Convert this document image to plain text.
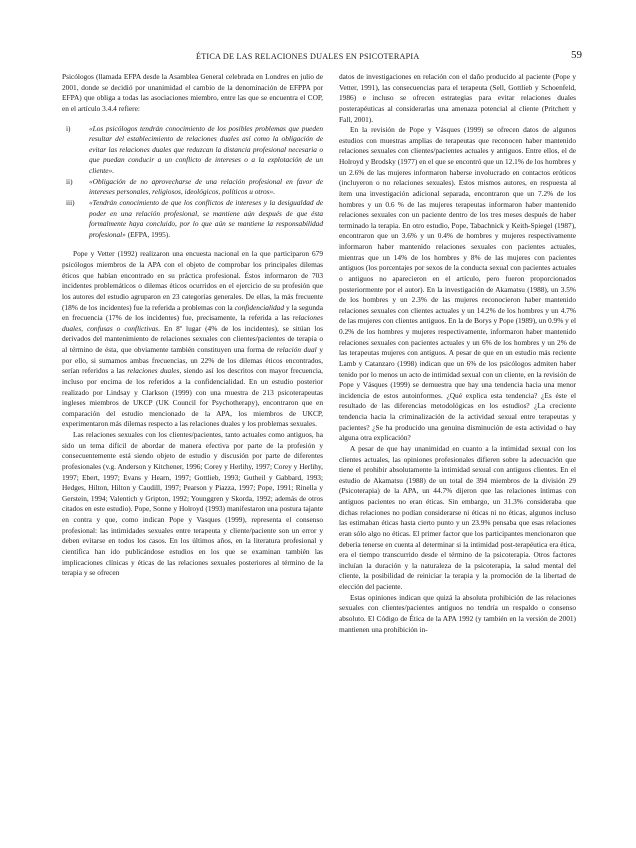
ÉTICA DE LAS RELACIONES DUALES EN PSICOTERAPIA	59

Psicólogos (llamada EFPA desde la Asamblea General celebrada en Londres en julio de 2001, donde se decidió por unanimidad el cambio de la denominación de EFPPA por EFPA) que obliga a todas las asociaciones miembro, entre las que se encuentra el COP, en el artículo 3.4.4 refiere:

i)	«Los psicólogos tendrán conocimiento de los posibles problemas que pueden resultar del establecimiento de relaciones duales así como la obligación de evitar las relaciones duales que reduzcan la distancia profesional necesaria o que puedan conducir a un conflicto de intereses o a la explotación de un cliente».
ii) «Obligación de no aprovecharse de una relación profesional en favor de intereses personales, religiosos, ideológicos, políticos u otros».
iii) «Tendrán conocimiento de que los conflictos de intereses y la desigualdad de poder en una relación profesional, se mantiene aún después de que ésta formalmente haya concluido, por lo que aún se mantiene la responsabilidad profesional» (EFPA, 1995).

Pope y Vetter (1992) realizaron una encuesta nacional en la que participaron 679 psicólogos miembros de la APA con el objeto de comprobar los principales dilemas éticos que habían encontrado en su práctica profesional. Éstos informaron de 703 incidentes problemáticos o dilemas éticos ocurridos en el ejercicio de su profesión que los autores del estudio agruparon en 23 categorías generales. De ellas, la más frecuente (18% de los incidentes) fue la referida a problemas con la confidencialidad y la segunda en frecuencia (17% de los incidentes) fue, precisamente, la referida a las relaciones duales, confusas o conflictivas. En 8º lugar (4% de los incidentes), se sitúan los derivados del mantenimiento de relaciones sexuales con clientes/pacientes de terapia o al término de ésta, que obviamente también constituyen una forma de relación dual y por ello, si sumamos ambas frecuencias, un 22% de los dilemas éticos encontrados, serían referidos a las relaciones duales, siendo así los descritos con mayor frecuencia, incluso por encima de los referidos a la confidencialidad. En un estudio posterior realizado por Lindsay y Clarkson (1999) con una muestra de 213 psicoterapeutas ingleses miembros de UKCP (UK Council for Psychotherapy), encontraron que en comparación del estudio mencionado de la APA, los miembros de UKCP, experimentaron más dilemas respecto a las relaciones duales y los problemas sexuales.

Las relaciones sexuales con los clientes/pacientes, tanto actuales como antiguos, ha sido un tema difícil de abordar de manera efectiva por parte de la profesión y consecuentemente está siendo objeto de estudio y discusión por parte de diferentes profesionales (v.g. Anderson y Kitchener, 1996; Corey y Herlihy, 1997; Corey y Herlihy, 1997; Ebert, 1997; Evans y Hearn, 1997; Gottlieb, 1993; Gutheil y Gabbard, 1993; Hedges, Hilton, Hilton y Caudill, 1997; Pearson y Piazza, 1997; Pope, 1991; Rinella y Gerstein, 1994; Valentich y Gripton, 1992; Younggren y Skorda, 1992; además de otros citados en este estudio). Pope, Sonne y Holroyd (1993) manifestaron una postura tajante en contra y que, como indican Pope y Vasques (1999), representa el consenso profesional: las intimidades sexuales entre terapeuta y cliente/paciente son un error y deben evitarse en todos los casos. En los últimos años, en la literatura profesional y científica han ido publicándose estudios en los que se examinan también las implicaciones clínicas y éticas de las relaciones sexuales posteriores al término de la terapia y se ofrecen

datos de investigaciones en relación con el daño producido al paciente (Pope y Vetter, 1991), las consecuencias para el terapeuta (Sell, Gottlieb y Schoenfeld, 1986) e incluso se ofrecen estrategias para evitar relaciones duales posterapéuticas al considerarlas una amenaza potencial al cliente (Pritchett y Fall, 2001).

En la revisión de Pope y Vásques (1999) se ofrecen datos de algunos estudios con muestras amplias de terapeutas que reconocen haber mantenido relaciones sexuales con clientes/pacientes actuales y antiguos. Entre ellos, el de Holroyd y Brodsky (1977) en el que se encontró que un 12.1% de los hombres y un 2.6% de las mujeres informaron haberse involucrado en contactos eróticos (incluyeron o no relaciones sexuales). Estos mismos autores, en respuesta al ítem una investigación adicional separada, encontraron que un 7.2% de los hombres y un 0.6 % de las mujeres terapeutas informaron haber mantenido relaciones sexuales con un paciente dentro de los tres meses después de haber terminado la terapia. En otro estudio, Pope, Tabachnick y Keith-Spiegel (1987), encontraron que un 3.6% y un 0.4% de hombres y mujeres respectivamente informaron haber mantenido relaciones sexuales con pacientes actuales, mientras que un 14% de los hombres y 8% de las mujeres con pacientes antiguos (los porcentajes por sexos de la conducta sexual con pacientes actuales o antiguos no aparecieron en el artículo, pero fueron proporcionados posteriormente por el autor). En la investigación de Akamatsu (1988), un 3.5% de los hombres y un 2.3% de las mujeres reconocieron haber mantenido relaciones sexuales con clientes actuales y un 14.2% de los hombres y un 4.7% de las mujeres con clientes antiguos. En la de Borys y Pope (1989), un 0.9% y el 0.2% de los hombres y mujeres respectivamente, informaron haber mantenido relaciones sexuales con pacientes actuales y un 6% de los hombres y un 2% de las terapeutas mujeres con antiguos. A pesar de que en un estudio más reciente Lamb y Catanzaro (1998) indican que un 6% de los psicólogos admiten haber tenido por lo menos un acto de intimidad sexual con un cliente, en la revisión de Pope y Vásques (1999) se demuestra que hay una tendencia hacia una menor incidencia de estos autoinformes. ¿Qué explica esta tendencia? ¿Es éste el resultado de las diferencias metodológicas en los estudios? ¿La creciente tendencia hacia la criminalización de la actividad sexual entre terapeutas y pacientes? ¿Se ha producido una genuina disminución de esta actividad o hay alguna otra explicación?

A pesar de que hay unanimidad en cuanto a la intimidad sexual con los clientes actuales, las opiniones profesionales difieren sobre la adecuación que tiene el prohibir absolutamente la intimidad sexual con antiguos clientes. En el estudio de Akamatsu (1988) de un total de 394 miembros de la división 29 (Psicoterapia) de la APA, un 44.7% dijeron que las relaciones íntimas con antiguos pacientes no eran éticas. Sin embargo, un 31.3% consideraba que dichas relaciones no podían considerarse ni éticas ni no éticas, algunos incluso las estimaban éticas hasta cierto punto y un 23.9% pensaba que esas relaciones eran sólo algo no éticas. El primer factor que los participantes mencionaron que debería tenerse en cuenta al determinar si la intimidad post-terapéutica era ética, era el tiempo transcurrido desde el término de la psicoterapia. Otros factores incluían la duración y la naturaleza de la psicoterapia, la salud mental del cliente, la posibilidad de reiniciar la terapia y la promoción de la libertad de elección del paciente.

Estas opiniones indican que quizá la absoluta prohibición de las relaciones sexuales con clientes/pacientes antiguos no tendría un respaldo o consenso absoluto. El Código de Ética de la APA 1992 (y también en la versión de 2001) mantienen una prohibición in-
